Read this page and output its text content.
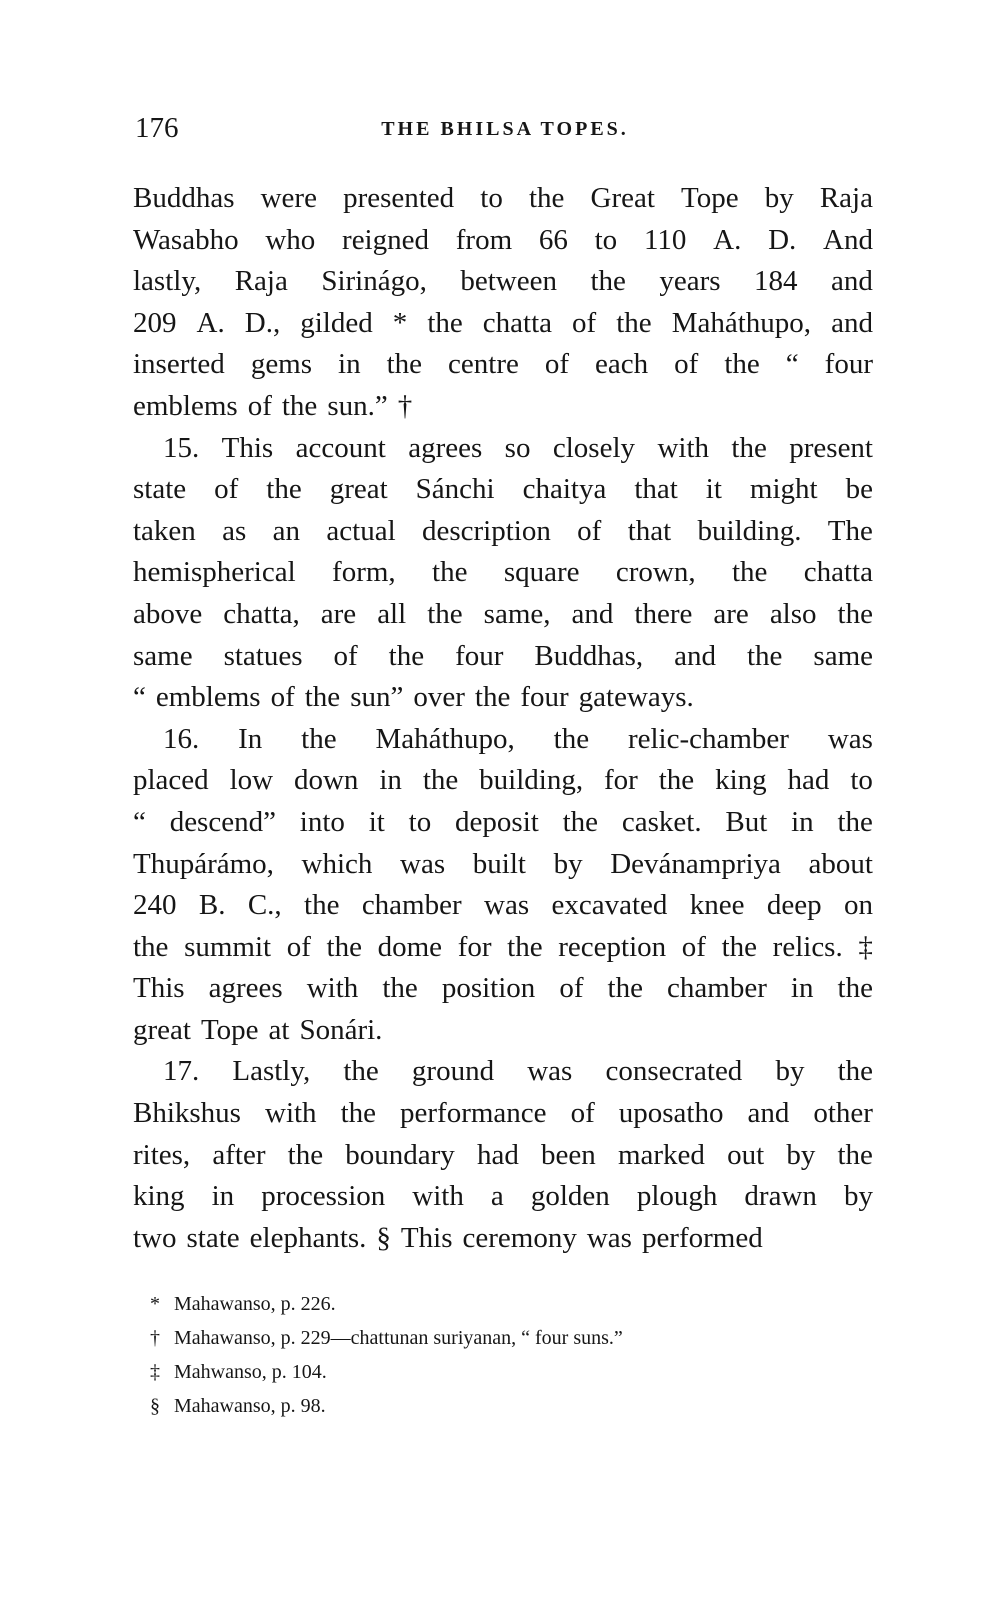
176	THE BHILSA TOPES.
Buddhas were presented to the Great Tope by Raja
Wasabho who reigned from 66 to 110 A. D. And
lastly, Raja Sirinágo, between the years 184 and
209 A. D., gilded * the chatta of the Maháthupo, and
inserted gems in the centre of each of the “ four
emblems of the sun.” †
15. This account agrees so closely with the present
state of the great Sánchi chaitya that it might be
taken as an actual description of that building. The
hemispherical form, the square crown, the chatta
above chatta, are all the same, and there are also the
same statues of the four Buddhas, and the same
“ emblems of the sun” over the four gateways.
16. In the Maháthupo, the relic-chamber was
placed low down in the building, for the king had to
“ descend” into it to deposit the casket. But in the
Thupárámo, which was built by Devánampriya about
240 B. C., the chamber was excavated knee deep on
the summit of the dome for the reception of the relics. ‡
This agrees with the position of the chamber in the
great Tope at Sonári.
17. Lastly, the ground was consecrated by the
Bhikshus with the performance of uposatho and other
rites, after the boundary had been marked out by the
king in procession with a golden plough drawn by
two state elephants. § This ceremony was performed
* Mahawanso, p. 226.
† Mahawanso, p. 229—chattunan suriyanan, “ four suns.”
‡ Mahwanso, p. 104.
§ Mahawanso, p. 98.
